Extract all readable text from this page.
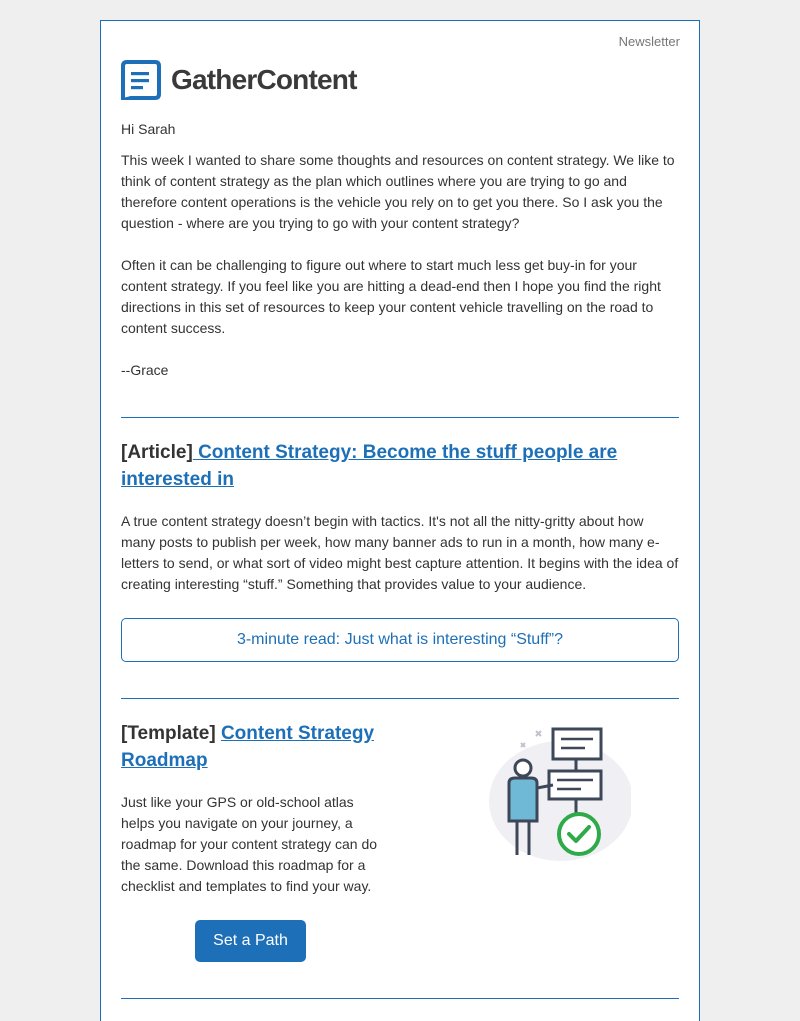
Newsletter
GatherContent
Hi Sarah

This week I wanted to share some thoughts and resources on content strategy. We like to think of content strategy as the plan which outlines where you are trying to go and therefore content operations is the vehicle you rely on to get you there. So I ask you the question - where are you trying to go with your content strategy?

Often it can be challenging to figure out where to start much less get buy-in for your content strategy. If you feel like you are hitting a dead-end then I hope you find the right directions in this set of resources to keep your content vehicle travelling on the road to content success.

--Grace

[Article] Content Strategy: Become the stuff people are interested in

A true content strategy doesn’t begin with tactics. It's not all the nitty-gritty about how many posts to publish per week, how many banner ads to run in a month, how many e-letters to send, or what sort of video might best capture attention. It begins with the idea of creating interesting “stuff.” Something that provides value to your audience.

3-minute read: Just what is interesting “Stuff”?

[Template] Content Strategy Roadmap

Just like your GPS or old-school atlas helps you navigate on your journey, a roadmap for your content strategy can do the same. Download this roadmap for a checklist and templates to find your way.

Set a Path
